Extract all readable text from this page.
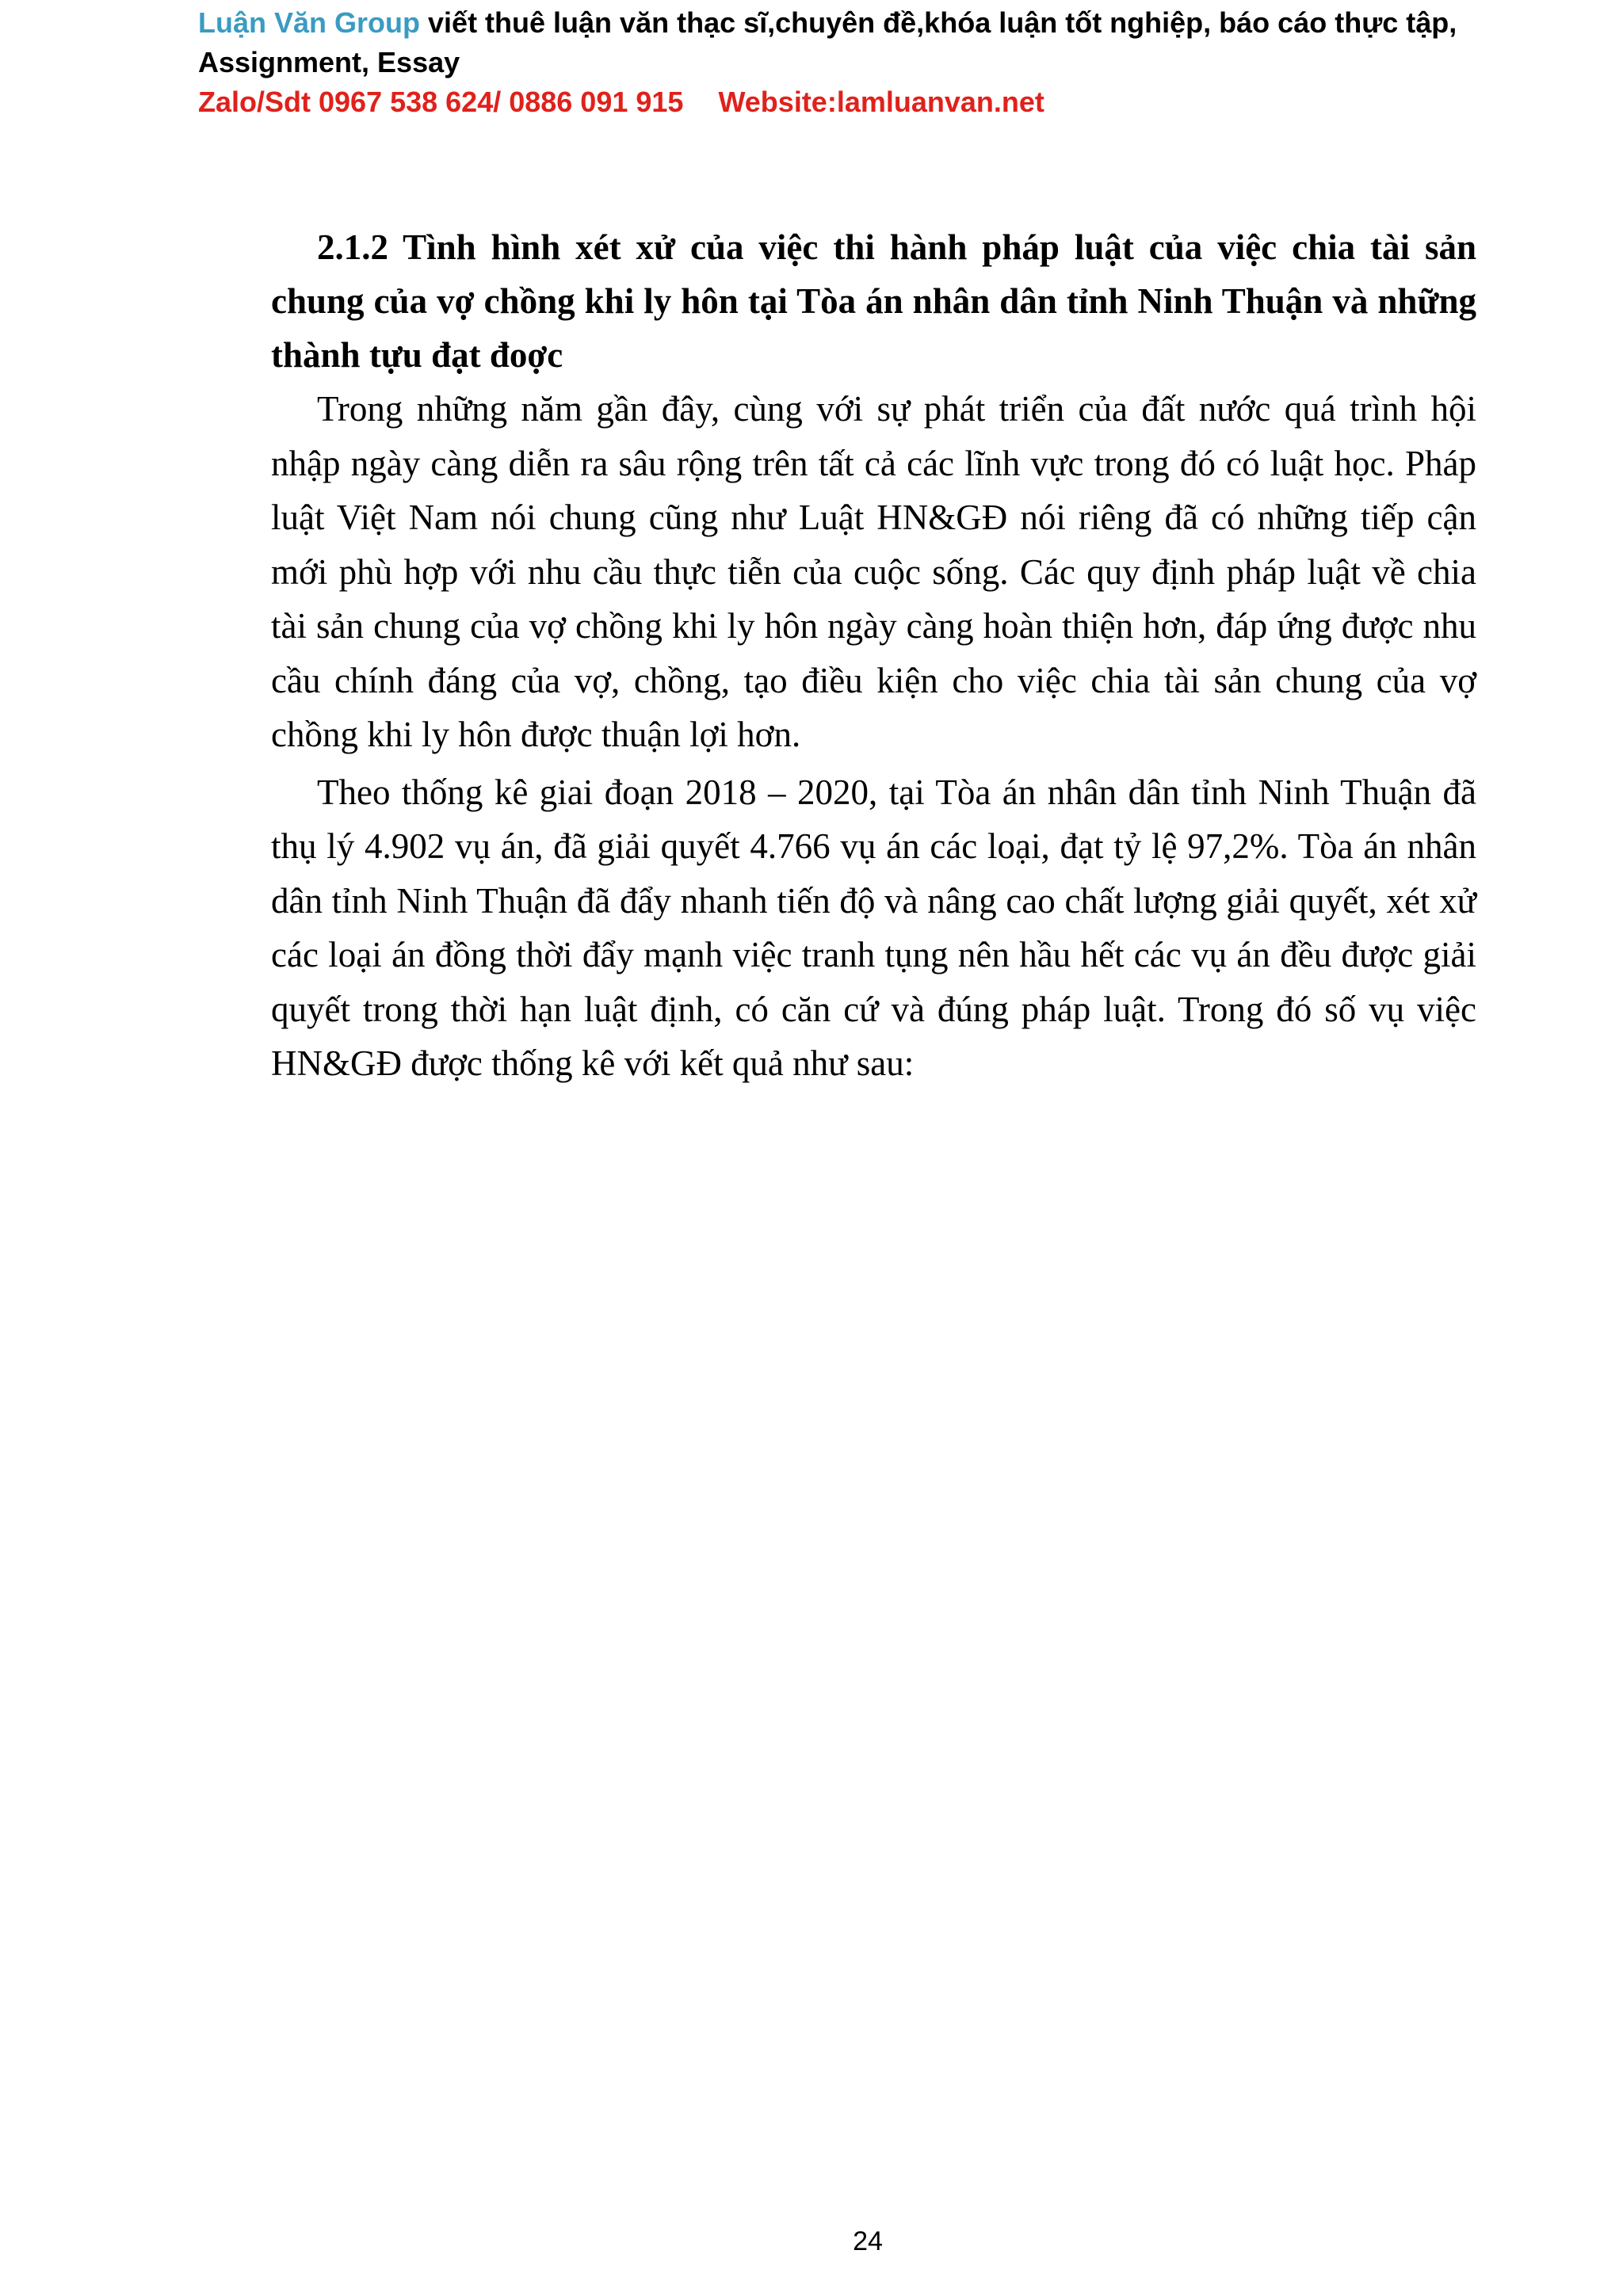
Luận Văn Group viết thuê luận văn thạc sĩ,chuyên đề,khóa luận tốt nghiệp, báo cáo thực tập,
Assignment, Essay
Zalo/Sdt 0967 538 624/ 0886 091 915 Website:lamluanvan.net
2.1.2 Tình hình xét xử của việc thi hành pháp luật của việc chia tài sản chung của vợ chồng khi ly hôn tại Tòa án nhân dân tỉnh Ninh Thuận và những thành tựu đạt đoợc

Trong những năm gần đây, cùng với sự phát triển của đất nước quá trình hội nhập ngày càng diễn ra sâu rộng trên tất cả các lĩnh vực trong đó có luật học. Pháp luật Việt Nam nói chung cũng như Luật HN&GĐ nói riêng đã có những tiếp cận mới phù hợp với nhu cầu thực tiễn của cuộc sống. Các quy định pháp luật về chia tài sản chung của vợ chồng khi ly hôn ngày càng hoàn thiện hơn, đáp ứng được nhu cầu chính đáng của vợ, chồng, tạo điều kiện cho việc chia tài sản chung của vợ chồng khi ly hôn được thuận lợi hơn.

Theo thống kê giai đoạn 2018 – 2020, tại Tòa án nhân dân tỉnh Ninh Thuận đã thụ lý 4.902 vụ án, đã giải quyết 4.766 vụ án các loại, đạt tỷ lệ 97,2%. Tòa án nhân dân tỉnh Ninh Thuận đã đẩy nhanh tiến độ và nâng cao chất lượng giải quyết, xét xử các loại án đồng thời đẩy mạnh việc tranh tụng nên hầu hết các vụ án đều được giải quyết trong thời hạn luật định, có căn cứ và đúng pháp luật. Trong đó số vụ việc HN&GĐ được thống kê với kết quả như sau:

24
